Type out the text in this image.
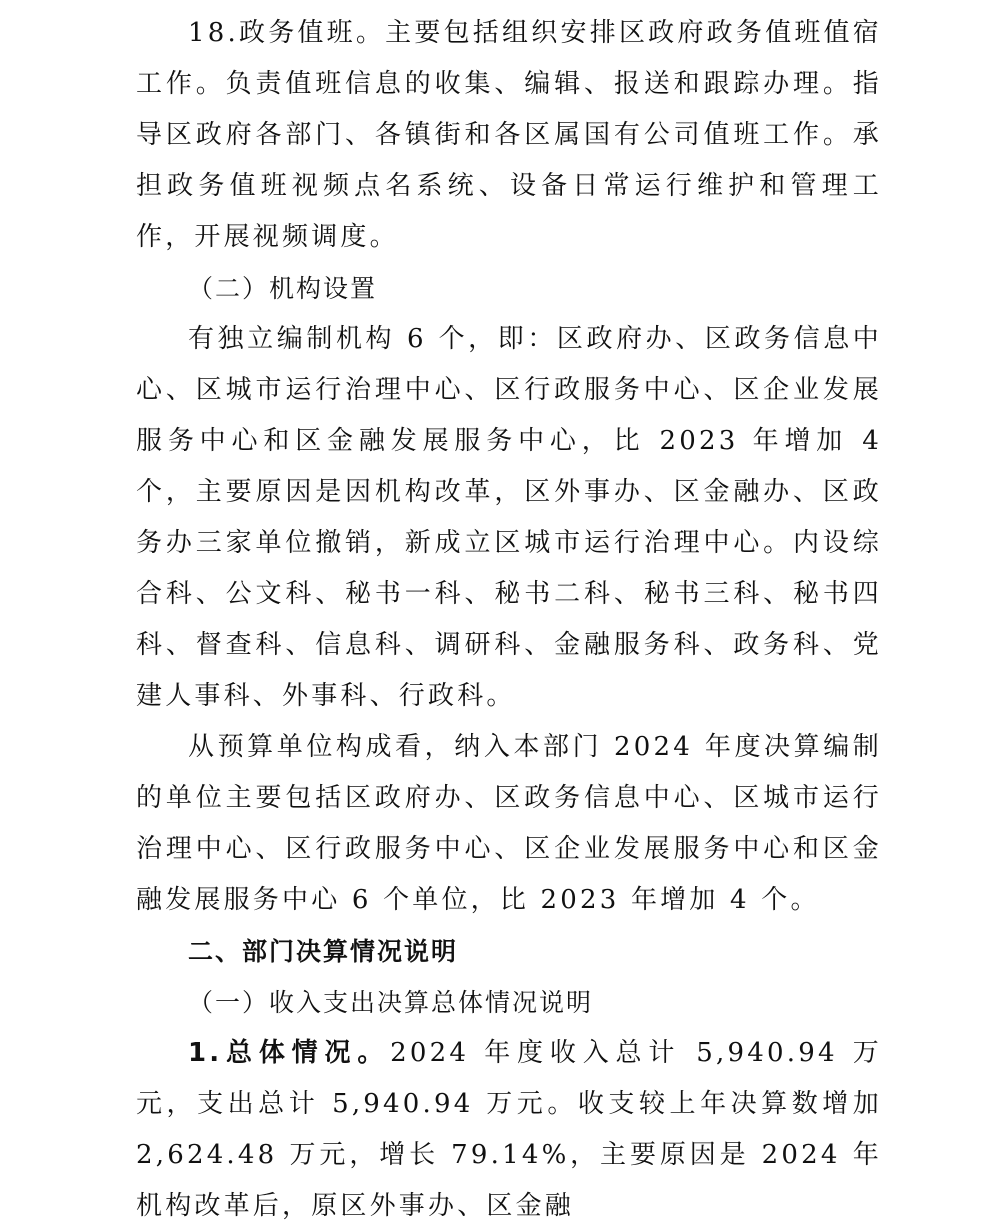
18.政务值班。主要包括组织安排区政府政务值班值宿工作。负责值班信息的收集、编辑、报送和跟踪办理。指导区政府各部门、各镇街和各区属国有公司值班工作。承担政务值班视频点名系统、设备日常运行维护和管理工作，开展视频调度。

（二）机构设置

有独立编制机构 6 个，即：区政府办、区政务信息中心、区城市运行治理中心、区行政服务中心、区企业发展服务中心和区金融发展服务中心，比 2023 年增加 4 个，主要原因是因机构改革，区外事办、区金融办、区政务办三家单位撤销，新成立区城市运行治理中心。内设综合科、公文科、秘书一科、秘书二科、秘书三科、秘书四科、督查科、信息科、调研科、金融服务科、政务科、党建人事科、外事科、行政科。

从预算单位构成看，纳入本部门 2024 年度决算编制的单位主要包括区政府办、区政务信息中心、区城市运行治理中心、区行政服务中心、区企业发展服务中心和区金融发展服务中心 6 个单位，比 2023 年增加 4 个。

二、部门决算情况说明

（一）收入支出决算总体情况说明

1.总体情况。2024 年度收入总计 5,940.94 万元，支出总计 5,940.94 万元。收支较上年决算数增加 2,624.48 万元，增长 79.14%，主要原因是 2024 年机构改革后，原区外事办、区金融
